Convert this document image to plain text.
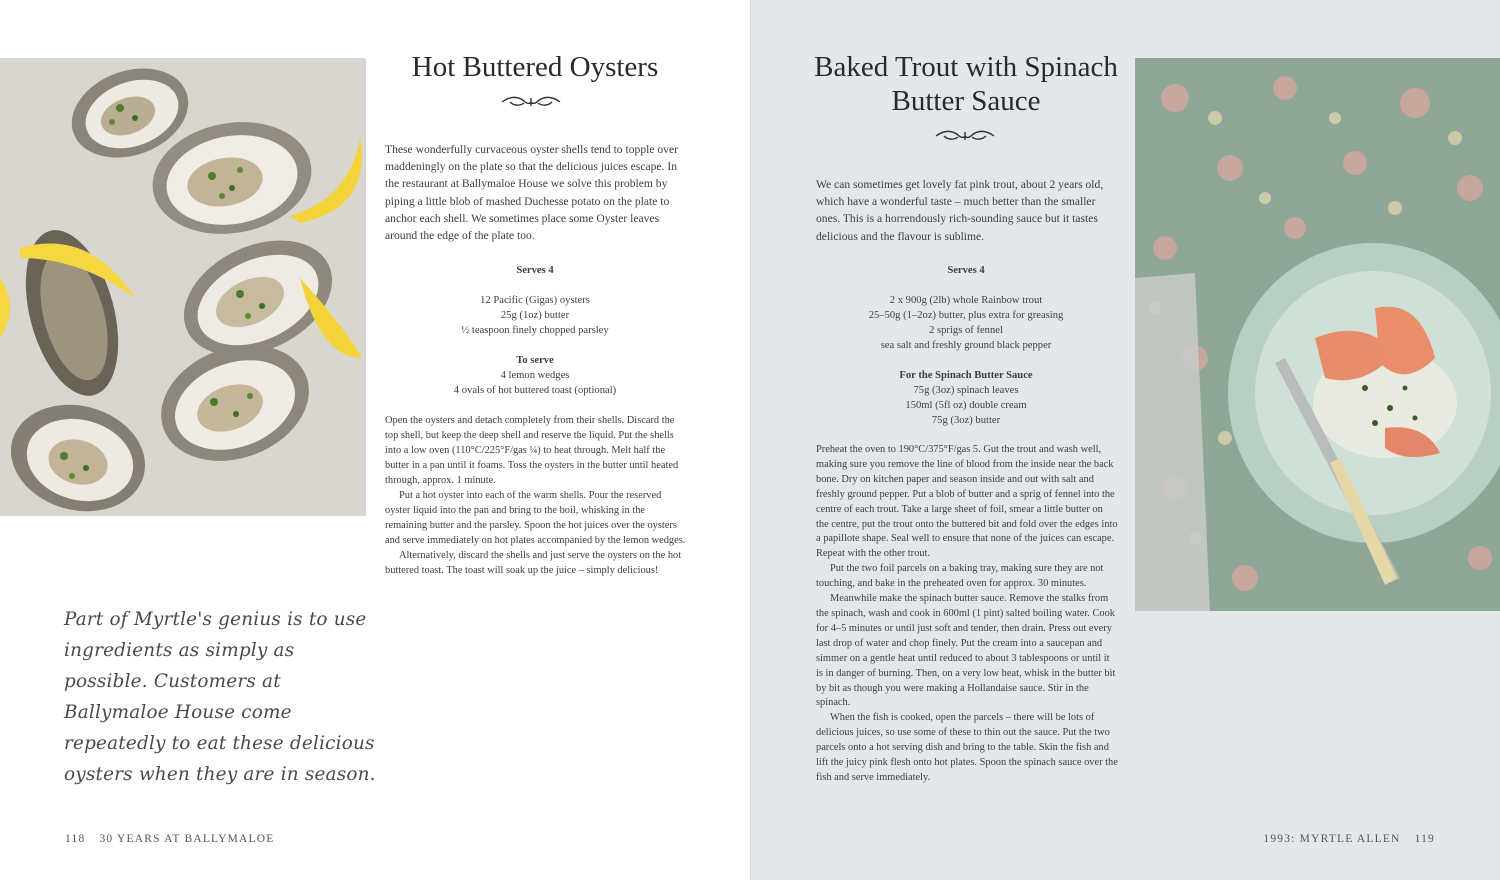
Hot Buttered Oysters
These wonderfully curvaceous oyster shells tend to topple over maddeningly on the plate so that the delicious juices escape. In the restaurant at Ballymaloe House we solve this problem by piping a little blob of mashed Duchesse potato on the plate to anchor each shell. We sometimes place some Oyster leaves around the edge of the plate too.
Serves 4
12 Pacific (Gigas) oysters
25g (1oz) butter
½ teaspoon finely chopped parsley
To serve
4 lemon wedges
4 ovals of hot buttered toast (optional)

Open the oysters and detach completely from their shells. Discard the top shell, but keep the deep shell and reserve the liquid. Put the shells into a low oven (110°C/225°F/gas ¼) to heat through. Melt half the butter in a pan until it foams. Toss the oysters in the butter until heated through, approx. 1 minute.

Put a hot oyster into each of the warm shells. Pour the reserved oyster liquid into the pan and bring to the boil, whisking in the remaining butter and the parsley. Spoon the hot juices over the oysters and serve immediately on hot plates accompanied by the lemon wedges.

Alternatively, discard the shells and just serve the oysters on the hot buttered toast. The toast will soak up the juice – simply delicious!

Part of Myrtle's genius is to use ingredients as simply as possible. Customers at Ballymaloe House come repeatedly to eat these delicious oysters when they are in season.
118 30 YEARS AT BALLYMALOE
Baked Trout with Spinach Butter Sauce
We can sometimes get lovely fat pink trout, about 2 years old, which have a wonderful taste – much better than the smaller ones. This is a horrendously rich-sounding sauce but it tastes delicious and the flavour is sublime.
Serves 4
2 x 900g (2lb) whole Rainbow trout
25–50g (1–2oz) butter, plus extra for greasing
2 sprigs of fennel
sea salt and freshly ground black pepper
For the Spinach Butter Sauce
75g (3oz) spinach leaves
150ml (5fl oz) double cream
75g (3oz) butter

Preheat the oven to 190°C/375°F/gas 5. Gut the trout and wash well, making sure you remove the line of blood from the inside near the back bone. Dry on kitchen paper and season inside and out with salt and freshly ground pepper. Put a blob of butter and a sprig of fennel into the centre of each trout. Take a large sheet of foil, smear a little butter on the centre, put the trout onto the buttered bit and fold over the edges into a papillote shape. Seal well to ensure that none of the juices can escape. Repeat with the other trout.

Put the two foil parcels on a baking tray, making sure they are not touching, and bake in the preheated oven for approx. 30 minutes.

Meanwhile make the spinach butter sauce. Remove the stalks from the spinach, wash and cook in 600ml (1 pint) salted boiling water. Cook for 4–5 minutes or until just soft and tender, then drain. Press out every last drop of water and chop finely. Put the cream into a saucepan and simmer on a gentle heat until reduced to about 3 tablespoons or until it is in danger of burning. Then, on a very low heat, whisk in the butter bit by bit as though you were making a Hollandaise sauce. Stir in the spinach.

When the fish is cooked, open the parcels – there will be lots of delicious juices, so use some of these to thin out the sauce. Put the two parcels onto a hot serving dish and bring to the table. Skin the fish and lift the juicy pink flesh onto hot plates. Spoon the spinach sauce over the fish and serve immediately.

1993: MYRTLE ALLEN 119
